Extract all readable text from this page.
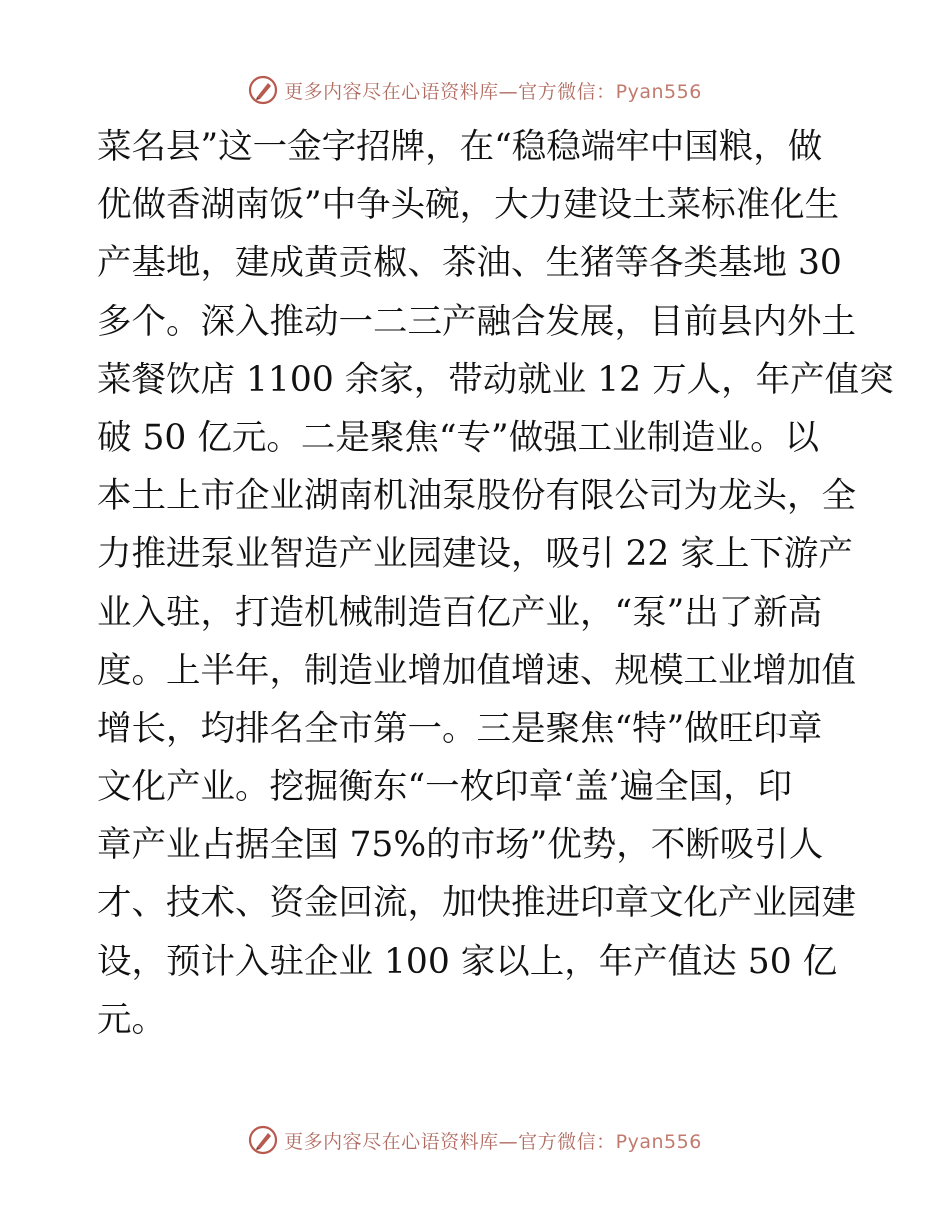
更多内容尽在心语资料库—官方微信：Pyan556
菜名县”这一金字招牌，在“稳稳端牢中国粮，做
优做香湖南饭”中争头碗，大力建设土菜标准化生
产基地，建成黄贡椒、茶油、生猪等各类基地 30
多个。深入推动一二三产融合发展，目前县内外土
菜餐饮店 1100 余家，带动就业 12 万人，年产值突
破 50 亿元。二是聚焦“专”做强工业制造业。以
本土上市企业湖南机油泵股份有限公司为龙头，全
力推进泵业智造产业园建设，吸引 22 家上下游产
业入驻，打造机械制造百亿产业，“泵”出了新高
度。上半年，制造业增加值增速、规模工业增加值
增长，均排名全市第一。三是聚焦“特”做旺印章
文化产业。挖掘衡东“一枚印章‘盖’遍全国，印
章产业占据全国 75%的市场”优势，不断吸引人
才、技术、资金回流，加快推进印章文化产业园建
设，预计入驻企业 100 家以上，年产值达 50 亿
元。
更多内容尽在心语资料库—官方微信：Pyan556
